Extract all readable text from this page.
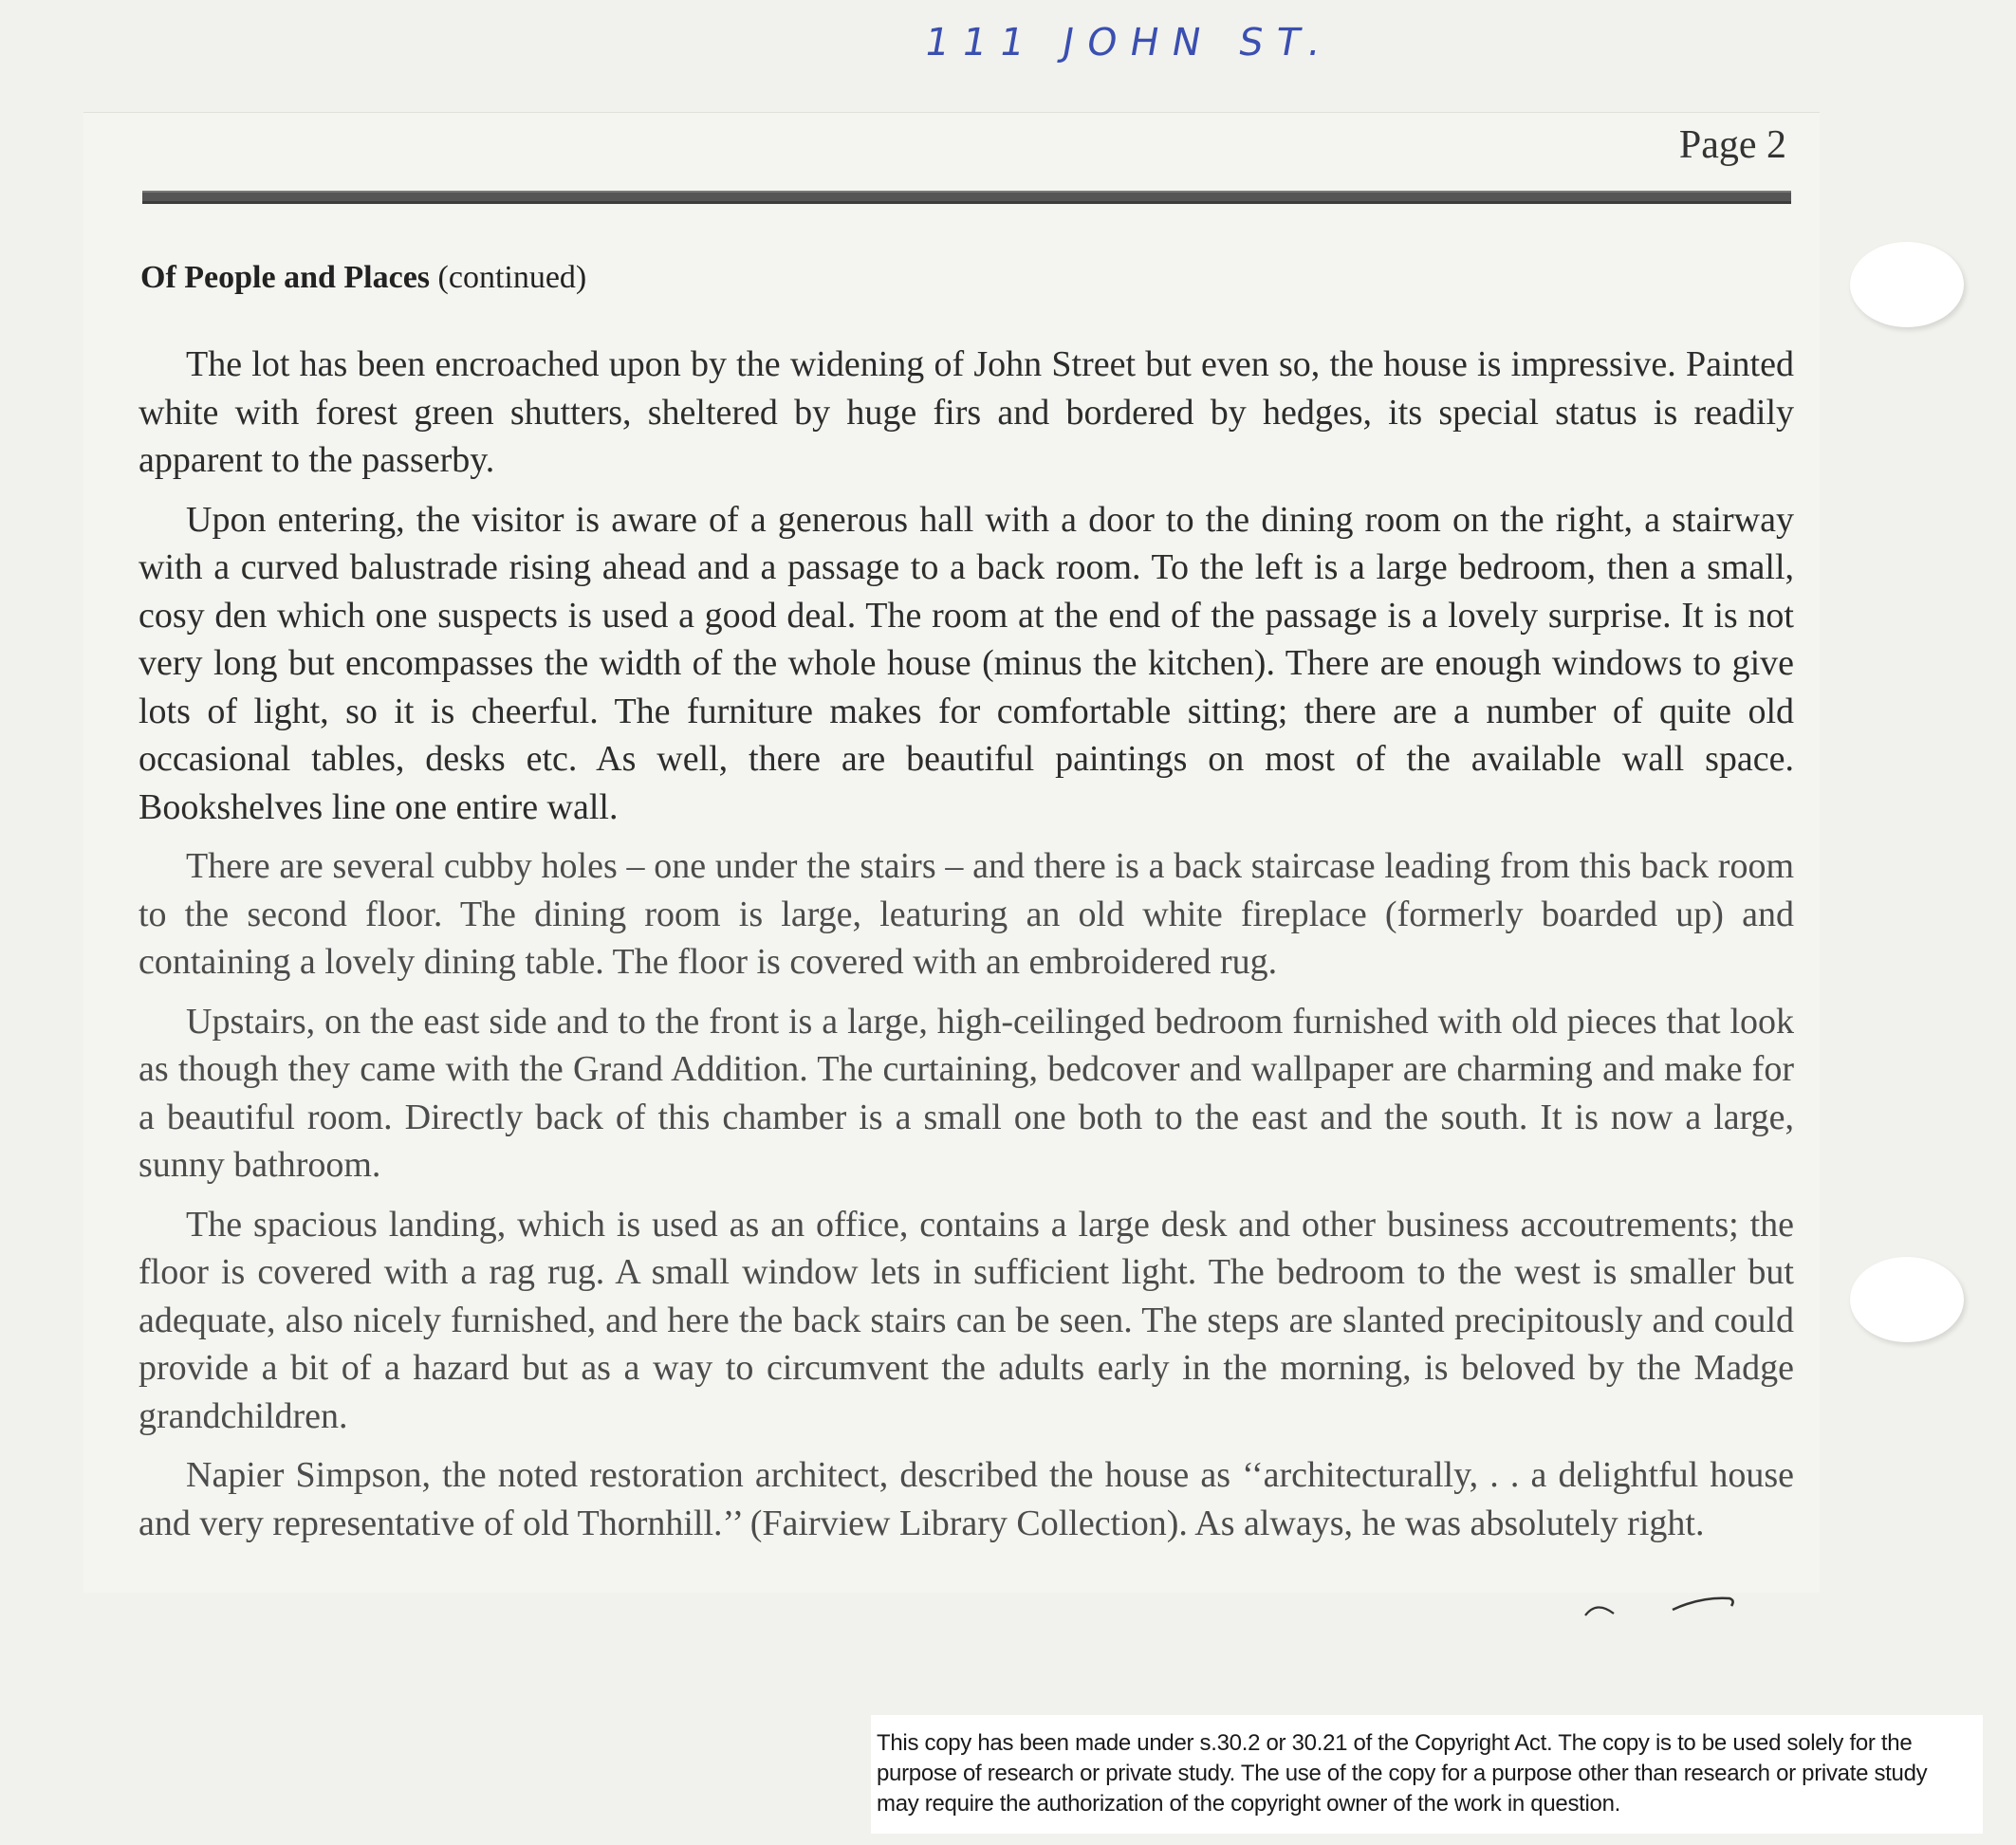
111 JOHN ST.
Page 2
Of People and Places (continued)

The lot has been encroached upon by the widening of John Street but even so, the house is impressive. Painted white with forest green shutters, sheltered by huge firs and bordered by hedges, its special status is readily apparent to the passerby.

Upon entering, the visitor is aware of a generous hall with a door to the dining room on the right, a stairway with a curved balustrade rising ahead and a passage to a back room. To the left is a large bedroom, then a small, cosy den which one suspects is used a good deal. The room at the end of the passage is a lovely surprise. It is not very long but encompasses the width of the whole house (minus the kitchen). There are enough windows to give lots of light, so it is cheerful. The furniture makes for comfortable sitting; there are a number of quite old occasional tables, desks etc. As well, there are beautiful paintings on most of the available wall space. Bookshelves line one entire wall.

There are several cubby holes – one under the stairs – and there is a back staircase leading from this back room to the second floor. The dining room is large, leaturing an old white fireplace (formerly boarded up) and containing a lovely dining table. The floor is covered with an embroidered rug.

Upstairs, on the east side and to the front is a large, high-ceilinged bedroom furnished with old pieces that look as though they came with the Grand Addition. The curtaining, bedcover and wallpaper are charming and make for a beautiful room. Directly back of this chamber is a small one both to the east and the south. It is now a large, sunny bathroom.

The spacious landing, which is used as an office, contains a large desk and other business accoutrements; the floor is covered with a rag rug. A small window lets in sufficient light. The bedroom to the west is smaller but adequate, also nicely furnished, and here the back stairs can be seen. The steps are slanted precipitously and could provide a bit of a hazard but as a way to circumvent the adults early in the morning, is beloved by the Madge grandchildren.

Napier Simpson, the noted restoration architect, described the house as ‘‘architecturally, . . a delightful house and very representative of old Thornhill.’’ (Fairview Library Collection). As always, he was absolutely right.

This copy has been made under s.30.2 or 30.21 of the Copyright Act. The copy is to be used solely for the purpose of research or private study. The use of the copy for a purpose other than research or private study may require the authorization of the copyright owner of the work in question.
